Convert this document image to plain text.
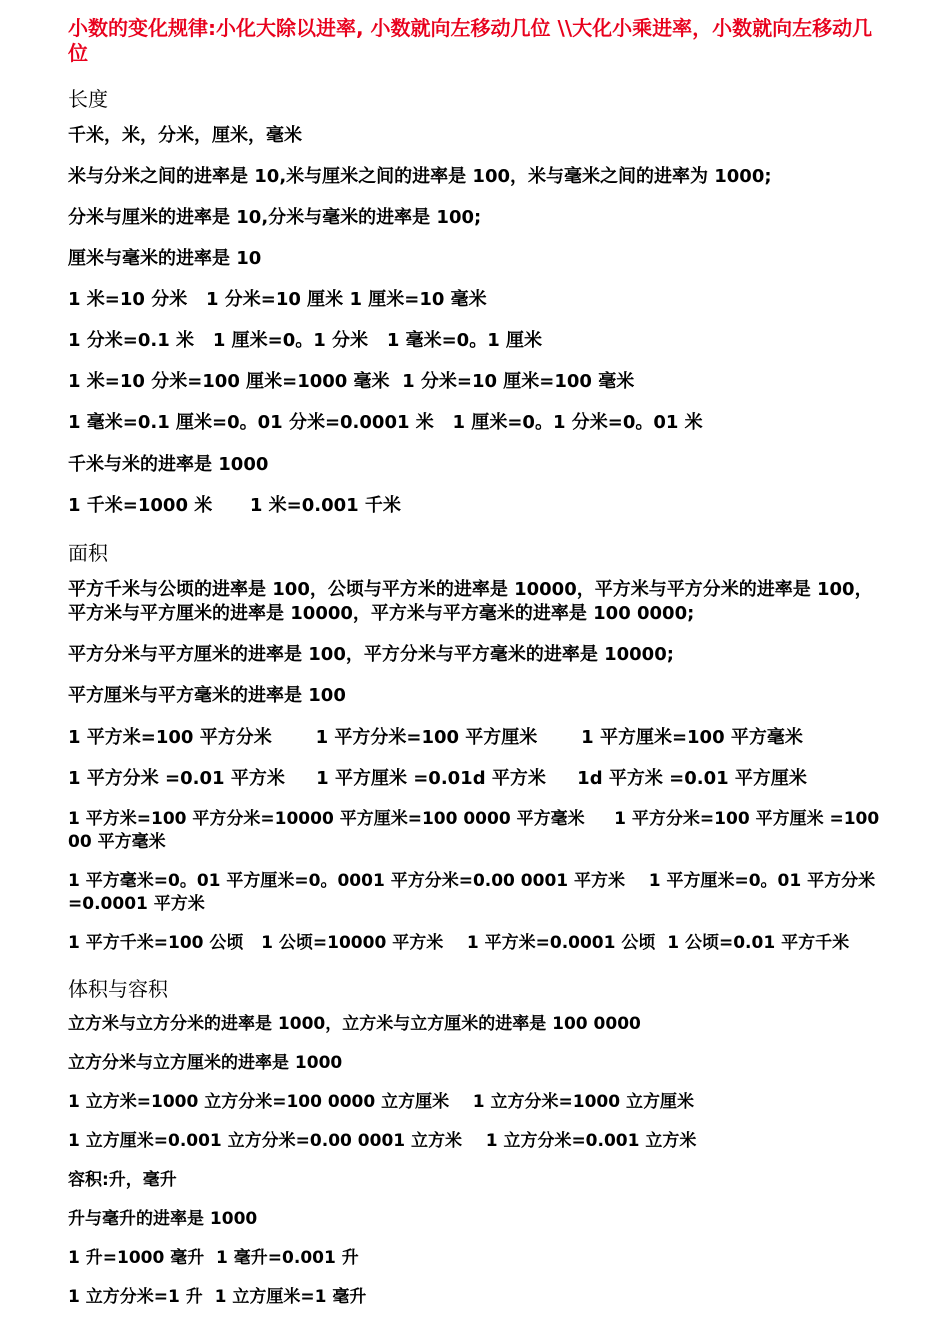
小数的变化规律:小化大除以进率, 小数就向左移动几位 \\大化小乘进率，小数就向左移动几位
长度
千米，米，分米，厘米，毫米
米与分米之间的进率是 10,米与厘米之间的进率是 100，米与毫米之间的进率为 1000;
分米与厘米的进率是 10,分米与毫米的进率是 100;
厘米与毫米的进率是 10
1 米=10 分米   1 分米=10 厘米 1 厘米=10 毫米
1 分米=0.1 米   1 厘米=0。1 分米   1 毫米=0。1 厘米
1 米=10 分米=100 厘米=1000 毫米  1 分米=10 厘米=100 毫米
1 毫米=0.1 厘米=0。01 分米=0.0001 米   1 厘米=0。1 分米=0。01 米
千米与米的进率是 1000
1 千米=1000 米      1 米=0.001 千米
面积
平方千米与公顷的进率是 100，公顷与平方米的进率是 10000，平方米与平方分米的进率是 100，平方米与平方厘米的进率是 10000，平方米与平方毫米的进率是 100 0000;
平方分米与平方厘米的进率是 100，平方分米与平方毫米的进率是 10000;
平方厘米与平方毫米的进率是 100
1 平方米=100 平方分米       1 平方分米=100 平方厘米       1 平方厘米=100 平方毫米
1 平方分米 =0.01 平方米     1 平方厘米 =0.01d 平方米     1d 平方米 =0.01 平方厘米
1 平方米=100 平方分米=10000 平方厘米=100 0000 平方毫米     1 平方分米=100 平方厘米 =10000 平方毫米
1 平方毫米=0。01 平方厘米=0。0001 平方分米=0.00 0001 平方米    1 平方厘米=0。01 平方分米 =0.0001 平方米
1 平方千米=100 公顷   1 公顷=10000 平方米    1 平方米=0.0001 公顷  1 公顷=0.01 平方千米
体积与容积
立方米与立方分米的进率是 1000，立方米与立方厘米的进率是 100 0000
立方分米与立方厘米的进率是 1000
1 立方米=1000 立方分米=100 0000 立方厘米    1 立方分米=1000 立方厘米
1 立方厘米=0.001 立方分米=0.00 0001 立方米    1 立方分米=0.001 立方米
容积:升，毫升
升与毫升的进率是 1000
1 升=1000 毫升  1 毫升=0.001 升
1 立方分米=1 升  1 立方厘米=1 毫升
